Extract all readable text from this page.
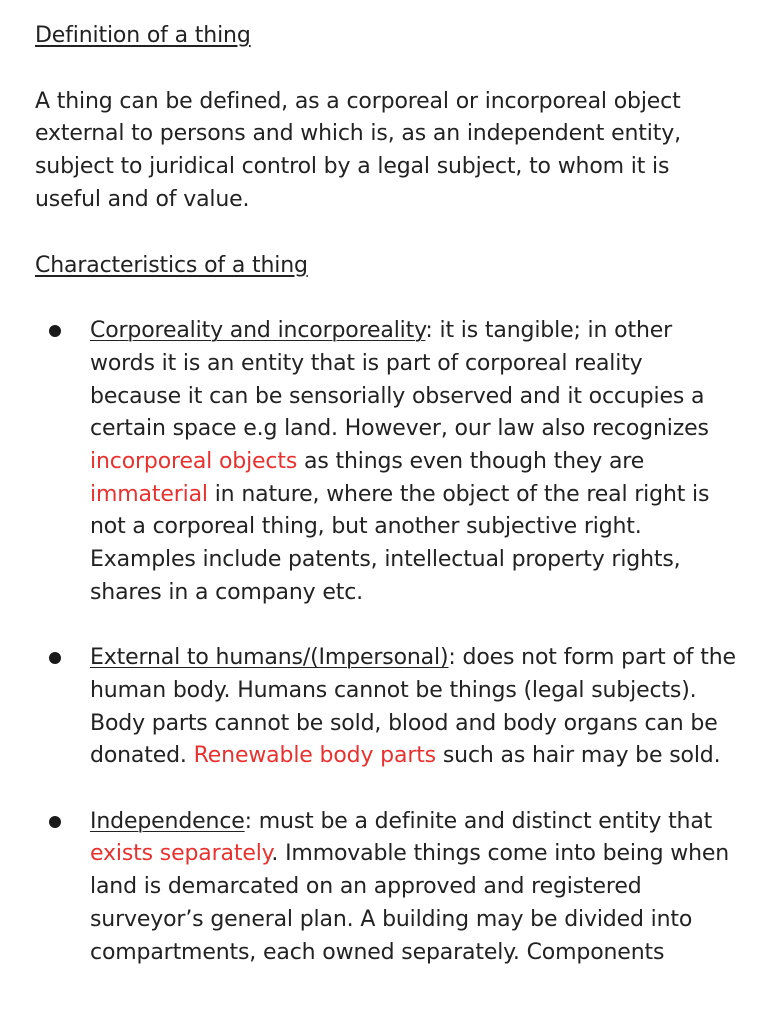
Definition of a thing

A thing can be defined, as a corporeal or incorporeal object external to persons and which is, as an independent entity, subject to juridical control by a legal subject, to whom it is useful and of value.

Characteristics of a thing
Corporeality and incorporeality: it is tangible; in other words it is an entity that is part of corporeal reality because it can be sensorially observed and it occupies a certain space e.g land. However, our law also recognizes incorporeal objects as things even though they are immaterial in nature, where the object of the real right is not a corporeal thing, but another subjective right. Examples include patents, intellectual property rights, shares in a company etc.
External to humans/(Impersonal): does not form part of the human body. Humans cannot be things (legal subjects). Body parts cannot be sold, blood and body organs can be donated. Renewable body parts such as hair may be sold.
Independence: must be a definite and distinct entity that exists separately. Immovable things come into being when land is demarcated on an approved and registered surveyor’s general plan. A building may be divided into compartments, each owned separately. Components
